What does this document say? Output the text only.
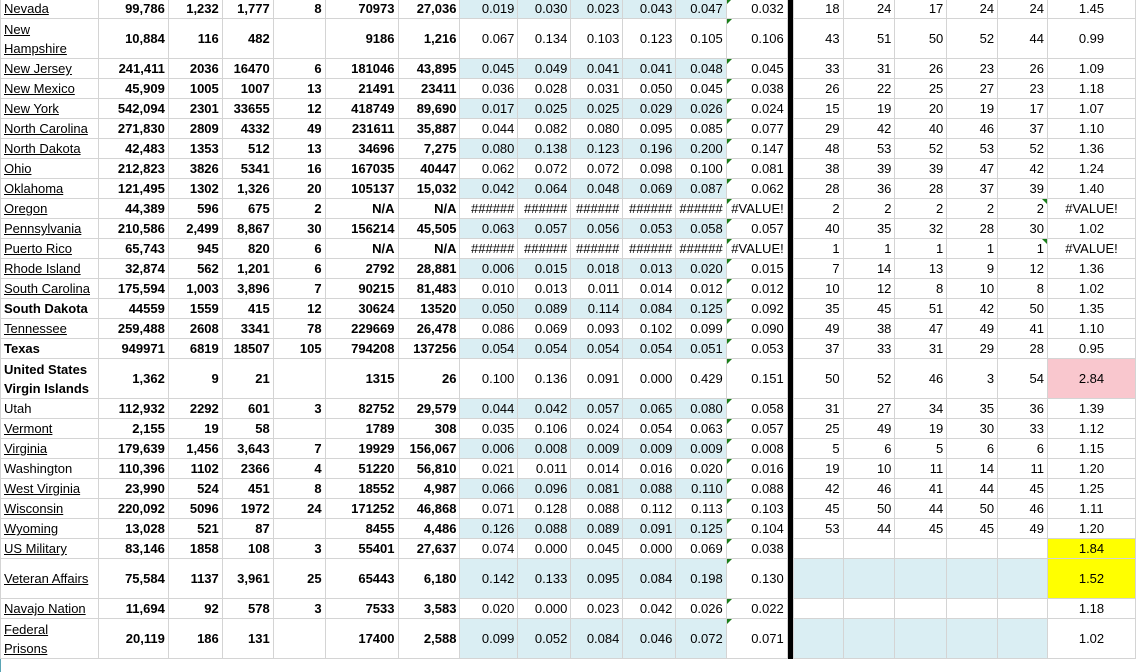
Nevada	99,786	1,232	1,777	8	70973	27,036	0.019	0.030	0.023	0.043	0.047	0.032		18	24	17	24	24	1.45
New Hampshire	10,884	116	482		9186	1,216	0.067	0.134	0.103	0.123	0.105	0.106		43	51	50	52	44	0.99
New Jersey	241,411	2036	16470	6	181046	43,895	0.045	0.049	0.041	0.041	0.048	0.045		33	31	26	23	26	1.09
New Mexico	45,909	1005	1007	13	21491	23411	0.036	0.028	0.031	0.050	0.045	0.038		26	22	25	27	23	1.18
New York	542,094	2301	33655	12	418749	89,690	0.017	0.025	0.025	0.029	0.026	0.024		15	19	20	19	17	1.07
North Carolina	271,830	2809	4332	49	231611	35,887	0.044	0.082	0.080	0.095	0.085	0.077		29	42	40	46	37	1.10
North Dakota	42,483	1353	512	13	34696	7,275	0.080	0.138	0.123	0.196	0.200	0.147		48	53	52	53	52	1.36
Ohio	212,823	3826	5341	16	167035	40447	0.062	0.072	0.072	0.098	0.100	0.081		38	39	39	47	42	1.24
Oklahoma	121,495	1302	1,326	20	105137	15,032	0.042	0.064	0.048	0.069	0.087	0.062		28	36	28	37	39	1.40
Oregon	44,389	596	675	2	N/A	N/A	######	######	######	######	######	#VALUE!		2	2	2	2	2	#VALUE!
Pennsylvania	210,586	2,499	8,867	30	156214	45,505	0.063	0.057	0.056	0.053	0.058	0.057		40	35	32	28	30	1.02
Puerto Rico	65,743	945	820	6	N/A	N/A	######	######	######	######	######	#VALUE!		1	1	1	1	1	#VALUE!
Rhode Island	32,874	562	1,201	6	2792	28,881	0.006	0.015	0.018	0.013	0.020	0.015		7	14	13	9	12	1.36
South Carolina	175,594	1,003	3,896	7	90215	81,483	0.010	0.013	0.011	0.014	0.012	0.012		10	12	8	10	8	1.02
South Dakota	44559	1559	415	12	30624	13520	0.050	0.089	0.114	0.084	0.125	0.092		35	45	51	42	50	1.35
Tennessee	259,488	2608	3341	78	229669	26,478	0.086	0.069	0.093	0.102	0.099	0.090		49	38	47	49	41	1.10
Texas	949971	6819	18507	105	794208	137256	0.054	0.054	0.054	0.054	0.051	0.053		37	33	31	29	28	0.95
United States Virgin Islands	1,362	9	21		1315	26	0.100	0.136	0.091	0.000	0.429	0.151		50	52	46	3	54	2.84
Utah	112,932	2292	601	3	82752	29,579	0.044	0.042	0.057	0.065	0.080	0.058		31	27	34	35	36	1.39
Vermont	2,155	19	58		1789	308	0.035	0.106	0.024	0.054	0.063	0.057		25	49	19	30	33	1.12
Virginia	179,639	1,456	3,643	7	19929	156,067	0.006	0.008	0.009	0.009	0.009	0.008		5	6	5	6	6	1.15
Washington	110,396	1102	2366	4	51220	56,810	0.021	0.011	0.014	0.016	0.020	0.016		19	10	11	14	11	1.20
West Virginia	23,990	524	451	8	18552	4,987	0.066	0.096	0.081	0.088	0.110	0.088		42	46	41	44	45	1.25
Wisconsin	220,092	5096	1972	24	171252	46,868	0.071	0.128	0.088	0.112	0.113	0.103		45	50	44	50	46	1.11
Wyoming	13,028	521	87		8455	4,486	0.126	0.088	0.089	0.091	0.125	0.104		53	44	45	45	49	1.20
US Military	83,146	1858	108	3	55401	27,637	0.074	0.000	0.045	0.000	0.069	0.038							1.84
Veteran Affairs	75,584	1137	3,961	25	65443	6,180	0.142	0.133	0.095	0.084	0.198	0.130							1.52
Navajo Nation	11,694	92	578	3	7533	3,583	0.020	0.000	0.023	0.042	0.026	0.022							1.18
Federal Prisons	20,119	186	131		17400	2,588	0.099	0.052	0.084	0.046	0.072	0.071							1.02
